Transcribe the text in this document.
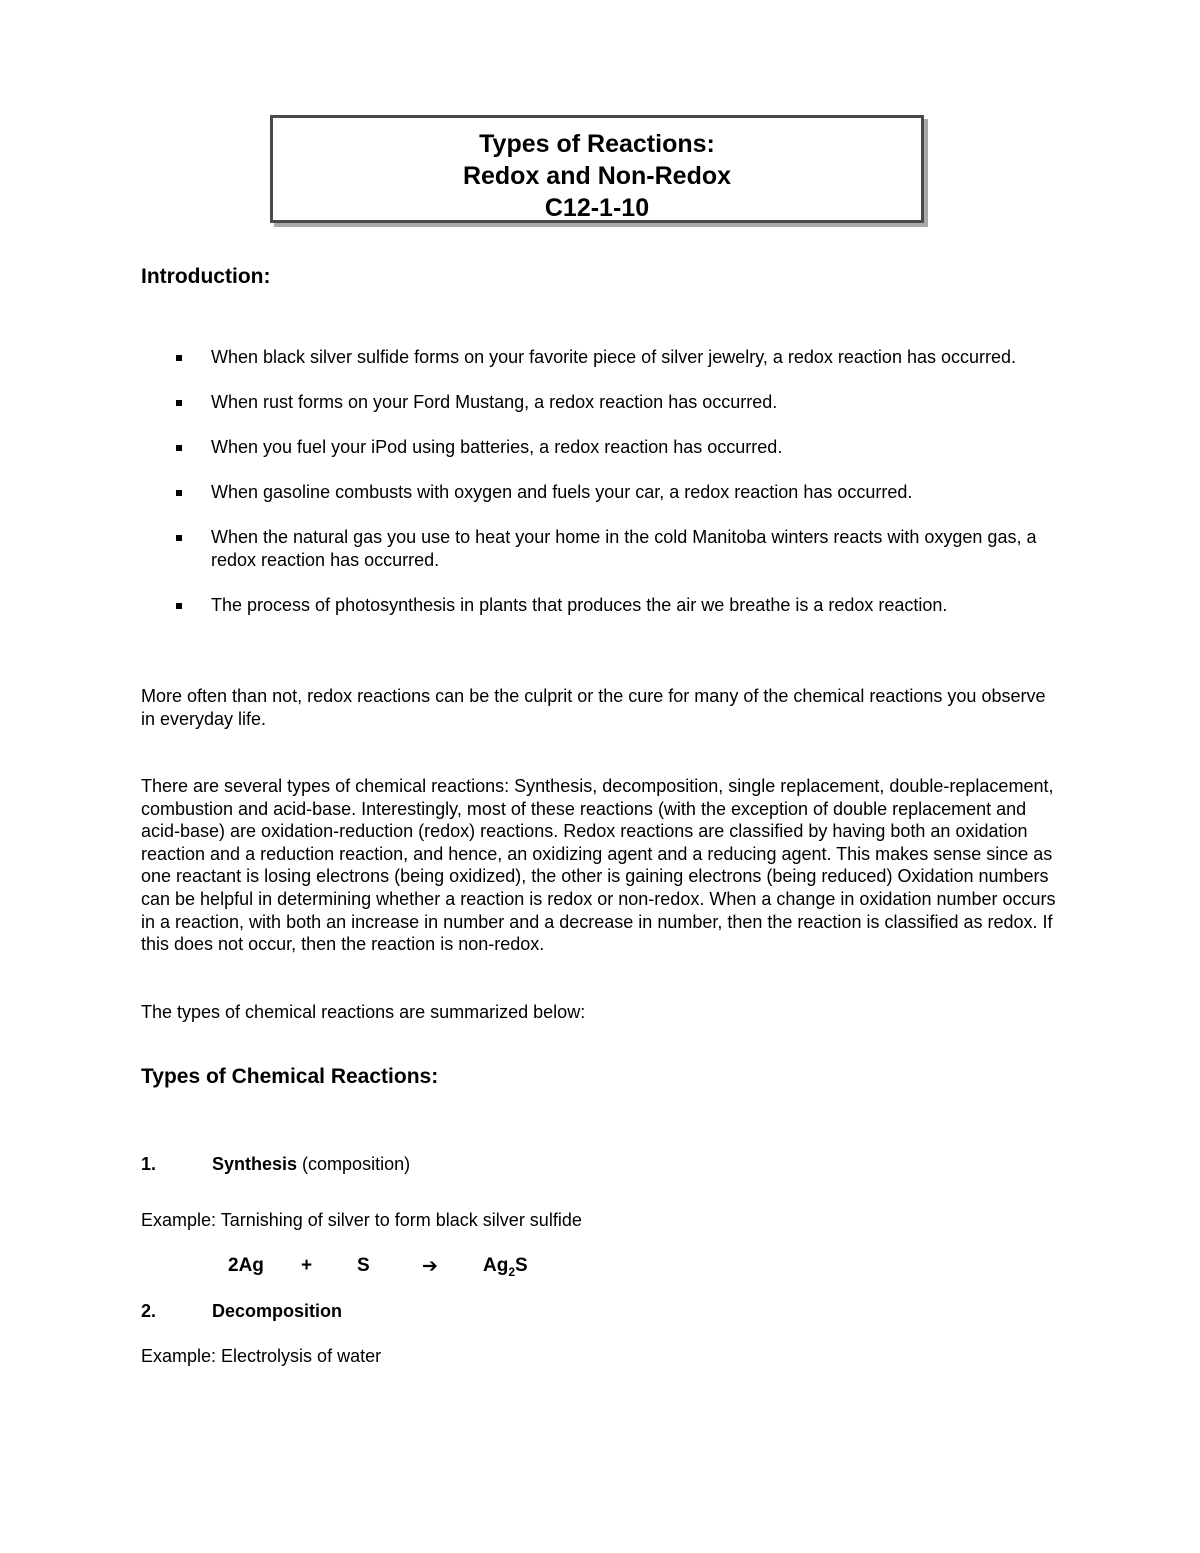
Types of Reactions:
Redox and Non-Redox
C12-1-10
Introduction:
When black silver sulfide forms on your favorite piece of silver jewelry, a redox reaction has occurred.
When rust forms on your Ford Mustang, a redox reaction has occurred.
When you fuel your iPod using batteries, a redox reaction has occurred.
When gasoline combusts with oxygen and fuels your car, a redox reaction has occurred.
When the natural gas you use to heat your home in the cold Manitoba winters reacts with oxygen gas, a redox reaction has occurred.
The process of photosynthesis in plants that produces the air we breathe is a redox reaction.

More often than not, redox reactions can be the culprit or the cure for many of the chemical reactions you observe in everyday life.

There are several types of chemical reactions: Synthesis, decomposition, single replacement, double-replacement, combustion and acid-base. Interestingly, most of these reactions (with the exception of double replacement and acid-base) are oxidation-reduction (redox) reactions. Redox reactions are classified by having both an oxidation reaction and a reduction reaction, and hence, an oxidizing agent and a reducing agent. This makes sense since as one reactant is losing electrons (being oxidized), the other is gaining electrons (being reduced) Oxidation numbers can be helpful in determining whether a reaction is redox or non-redox. When a change in oxidation number occurs in a reaction, with both an increase in number and a decrease in number, then the reaction is classified as redox. If this does not occur, then the reaction is non-redox.

The types of chemical reactions are summarized below:

Types of Chemical Reactions:
1.	Synthesis (composition)
Example: Tarnishing of silver to form black silver sulfide
2Ag + S	➔ $Ag_2S$
2.	Decomposition
Example: Electrolysis of water
